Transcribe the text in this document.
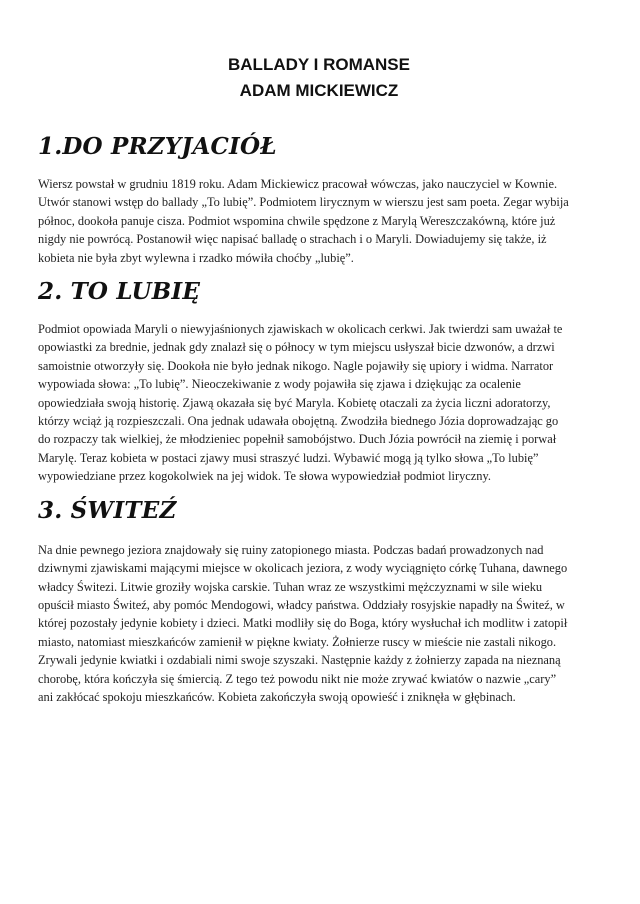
BALLADY I ROMANSE
ADAM MICKIEWICZ
1.DO PRZYJACIÓŁ

Wiersz powstał w grudniu 1819 roku. Adam Mickiewicz pracował wówczas, jako nauczyciel w Kownie.
Utwór stanowi wstęp do ballady „To lubię”. Podmiotem lirycznym w wierszu jest sam poeta. Zegar wybija
północ, dookoła panuje cisza. Podmiot wspomina chwile spędzone z Marylą Wereszczakówną, które już
nigdy nie powrócą. Postanowił więc napisać balladę o strachach i o Maryli. Dowiadujemy się także, iż
kobieta nie była zbyt wylewna i rzadko mówiła choćby „lubię”.

2. TO LUBIĘ

Podmiot opowiada Maryli o niewyjaśnionych zjawiskach w okolicach cerkwi. Jak twierdzi sam uważał te
opowiastki za brednie, jednak gdy znalazł się o północy w tym miejscu usłyszał bicie dzwonów, a drzwi
samoistnie otworzyły się. Dookoła nie było jednak nikogo. Nagle pojawiły się upiory i widma. Narrator
wypowiada słowa: „To lubię”. Nieoczekiwanie z wody pojawiła się zjawa i dziękując za ocalenie
opowiedziała swoją historię. Zjawą okazała się być Maryla. Kobietę otaczali za życia liczni adoratorzy,
którzy wciąż ją rozpieszczali. Ona jednak udawała obojętną. Zwodziła biednego Józia doprowadzając go
do rozpaczy tak wielkiej, że młodzieniec popełnił samobójstwo. Duch Józia powrócił na ziemię i porwał
Marylę. Teraz kobieta w postaci zjawy musi straszyć ludzi. Wybawić mogą ją tylko słowa „To lubię”
wypowiedziane przez kogokolwiek na jej widok. Te słowa wypowiedział podmiot liryczny.

3. ŚWITEŹ

Na dnie pewnego jeziora znajdowały się ruiny zatopionego miasta. Podczas badań prowadzonych nad
dziwnymi zjawiskami mającymi miejsce w okolicach jeziora, z wody wyciągnięto córkę Tuhana, dawnego
władcy Świtezi. Litwie groziły wojska carskie. Tuhan wraz ze wszystkimi mężczyznami w sile wieku
opuścił miasto Świteź, aby pomóc Mendogowi, władcy państwa. Oddziały rosyjskie napadły na Świteź, w
której pozostały jedynie kobiety i dzieci. Matki modliły się do Boga, który wysłuchał ich modlitw i zatopił
miasto, natomiast mieszkańców zamienił w piękne kwiaty. Żołnierze ruscy w mieście nie zastali nikogo.
Zrywali jedynie kwiatki i ozdabiali nimi swoje szyszaki. Następnie każdy z żołnierzy zapada na nieznaną
chorobę, która kończyła się śmiercią. Z tego też powodu nikt nie może zrywać kwiatów o nazwie „cary”
ani zakłócać spokoju mieszkańców. Kobieta zakończyła swoją opowieść i zniknęła w głębinach.
